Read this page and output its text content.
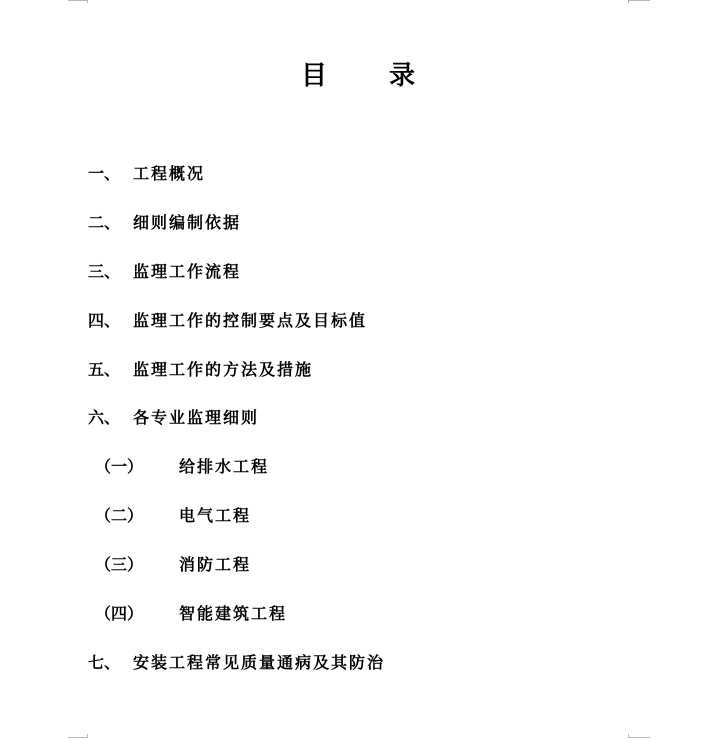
目 录
一、 工程概况
二、 细则编制依据
三、 监理工作流程
四、 监理工作的控制要点及目标值
五、 监理工作的方法及措施
六、 各专业监理细则
（一） 给排水工程
（二） 电气工程
（三） 消防工程
（四） 智能建筑工程
七、 安装工程常见质量通病及其防治
